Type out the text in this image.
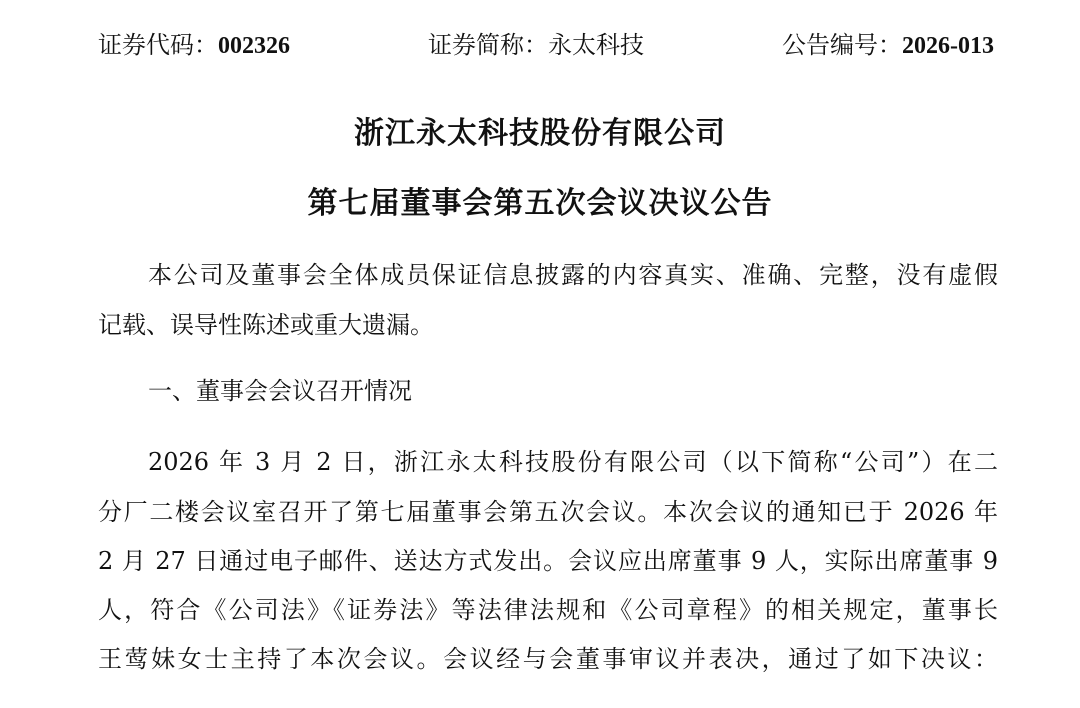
证券代码：002326	证券简称：永太科技	公告编号：2026-013
浙江永太科技股份有限公司
第七届董事会第五次会议决议公告
本公司及董事会全体成员保证信息披露的内容真实、准确、完整，没有虚假
记载、误导性陈述或重大遗漏。
一、董事会会议召开情况
2026 年 3 月 2 日，浙江永太科技股份有限公司（以下简称“公司”）在二
分厂二楼会议室召开了第七届董事会第五次会议。本次会议的通知已于 2026 年
2 月 27 日通过电子邮件、送达方式发出。会议应出席董事 9 人，实际出席董事 9
人，符合《公司法》《证券法》等法律法规和《公司章程》的相关规定，董事长
王莺妹女士主持了本次会议。会议经与会董事审议并表决，通过了如下决议：
